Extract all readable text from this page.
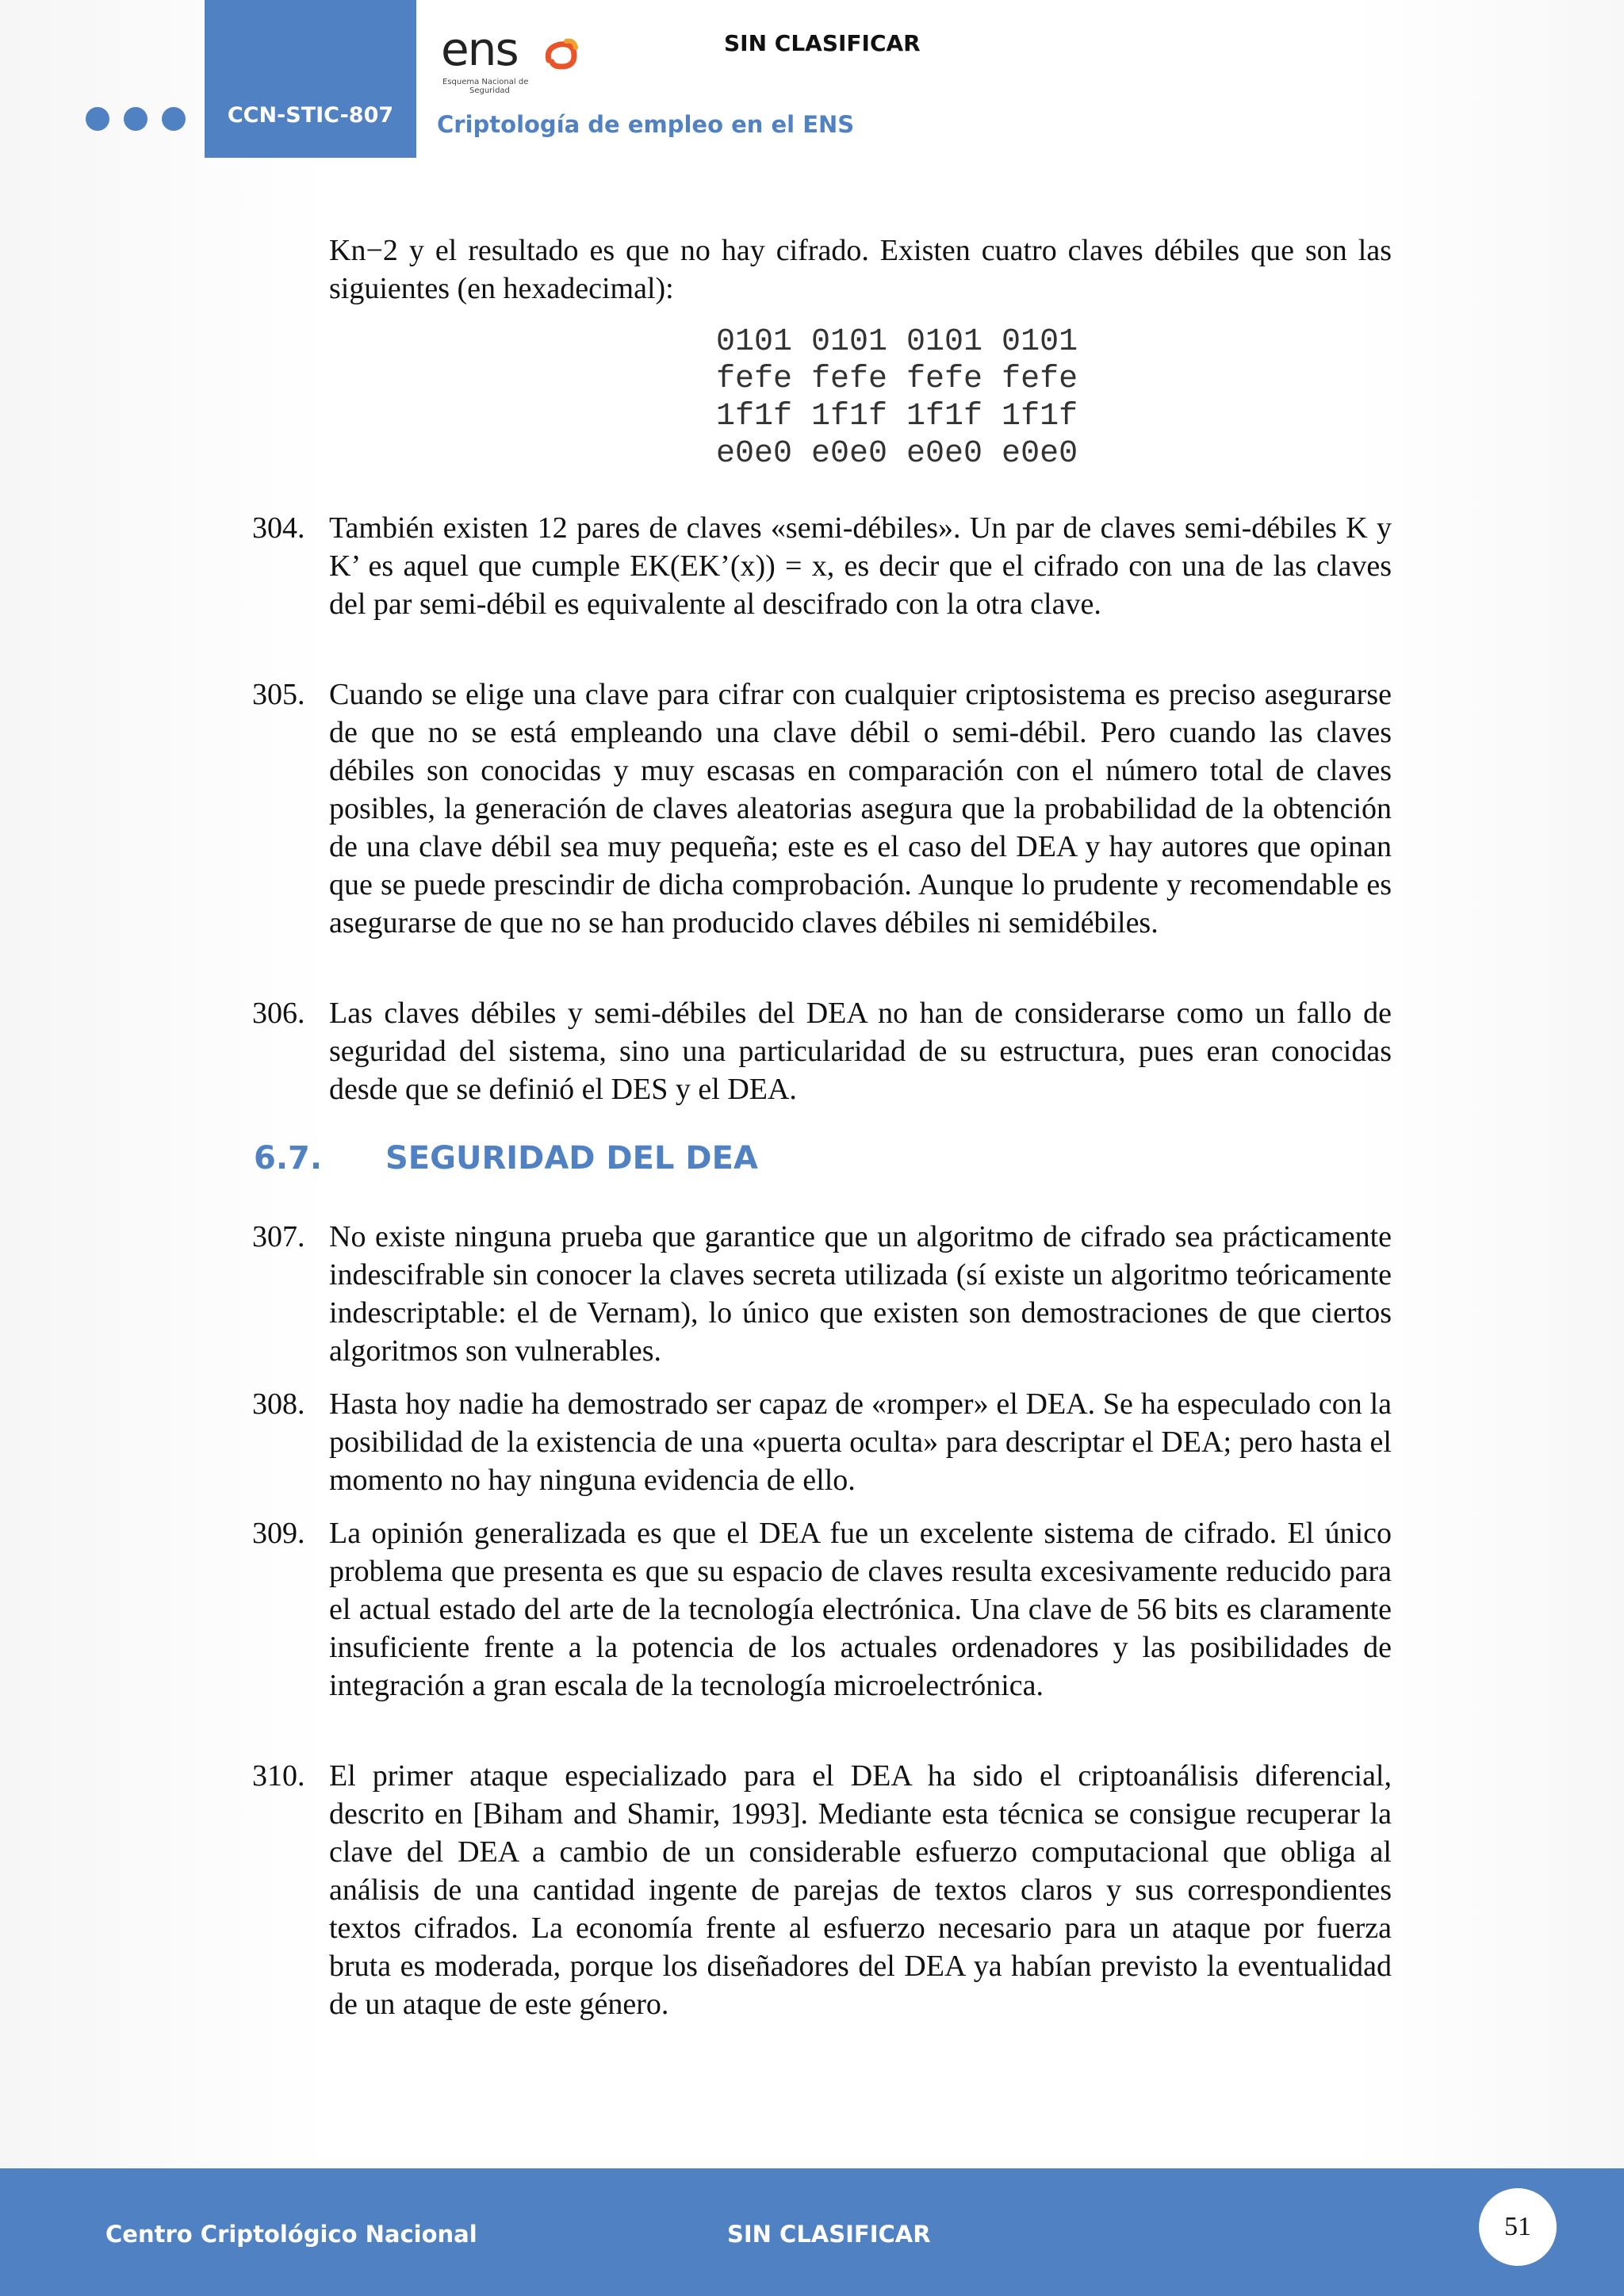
CCN-STIC-807
ens
Esquema Nacional de
Seguridad
SIN CLASIFICAR
Criptología de empleo en el ENS
Kn−2 y el resultado es que no hay cifrado. Existen cuatro claves débiles que son las siguientes (en hexadecimal):
0101 0101 0101 0101
fefe fefe fefe fefe
1f1f 1f1f 1f1f 1f1f
e0e0 e0e0 e0e0 e0e0
304. También existen 12 pares de claves «semi-débiles». Un par de claves semi-débiles K y K’ es aquel que cumple EK(EK’(x)) = x, es decir que el cifrado con una de las claves del par semi-débil es equivalente al descifrado con la otra clave.
305. Cuando se elige una clave para cifrar con cualquier criptosistema es preciso asegurarse de que no se está empleando una clave débil o semi-débil. Pero cuando las claves débiles son conocidas y muy escasas en comparación con el número total de claves posibles, la generación de claves aleatorias asegura que la probabilidad de la obtención de una clave débil sea muy pequeña; este es el caso del DEA y hay autores que opinan que se puede prescindir de dicha comprobación. Aunque lo prudente y recomendable es asegurarse de que no se han producido claves débiles ni semidébiles.
306. Las claves débiles y semi-débiles del DEA no han de considerarse como un fallo de seguridad del sistema, sino una particularidad de su estructura, pues eran conocidas desde que se definió el DES y el DEA.
6.7. SEGURIDAD DEL DEA
307. No existe ninguna prueba que garantice que un algoritmo de cifrado sea prácticamente indescifrable sin conocer la claves secreta utilizada (sí existe un algoritmo teóricamente indescriptable: el de Vernam), lo único que existen son demostraciones de que ciertos algoritmos son vulnerables.
308. Hasta hoy nadie ha demostrado ser capaz de «romper» el DEA. Se ha especulado con la posibilidad de la existencia de una «puerta oculta» para descriptar el DEA; pero hasta el momento no hay ninguna evidencia de ello.
309. La opinión generalizada es que el DEA fue un excelente sistema de cifrado. El único problema que presenta es que su espacio de claves resulta excesivamente reducido para el actual estado del arte de la tecnología electrónica. Una clave de 56 bits es claramente insuficiente frente a la potencia de los actuales ordenadores y las posibilidades de integración a gran escala de la tecnología microelectrónica.
310. El primer ataque especializado para el DEA ha sido el criptoanálisis diferencial, descrito en [Biham and Shamir, 1993]. Mediante esta técnica se consigue recuperar la clave del DEA a cambio de un considerable esfuerzo computacional que obliga al análisis de una cantidad ingente de parejas de textos claros y sus correspondientes textos cifrados. La economía frente al esfuerzo necesario para un ataque por fuerza bruta es moderada, porque los diseñadores del DEA ya habían previsto la eventualidad de un ataque de este género.
Centro Criptológico Nacional	SIN CLASIFICAR	51
